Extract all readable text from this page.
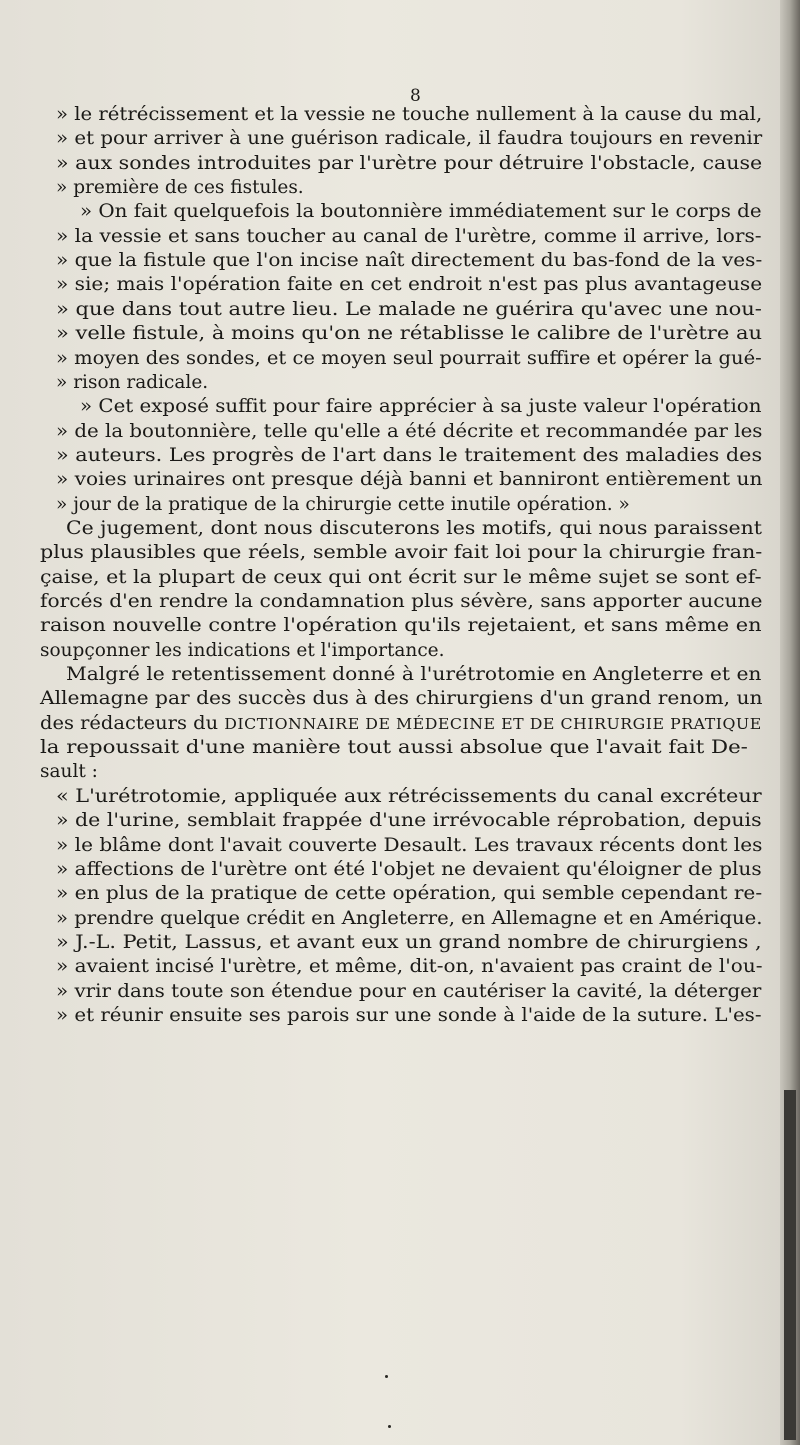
8
» le rétrécissement et la vessie ne touche nullement à la cause du mal,
» et pour arriver à une guérison radicale, il faudra toujours en revenir
» aux sondes introduites par l'urètre pour détruire l'obstacle, cause
» première de ces fistules.
» On fait quelquefois la boutonnière immédiatement sur le corps de
» la vessie et sans toucher au canal de l'urètre, comme il arrive, lors-
» que la fistule que l'on incise naît directement du bas-fond de la ves-
» sie; mais l'opération faite en cet endroit n'est pas plus avantageuse
» que dans tout autre lieu. Le malade ne guérira qu'avec une nou-
» velle fistule, à moins qu'on ne rétablisse le calibre de l'urètre au
» moyen des sondes, et ce moyen seul pourrait suffire et opérer la gué-
» rison radicale.
» Cet exposé suffit pour faire apprécier à sa juste valeur l'opération
» de la boutonnière, telle qu'elle a été décrite et recommandée par les
» auteurs. Les progrès de l'art dans le traitement des maladies des
» voies urinaires ont presque déjà banni et banniront entièrement un
» jour de la pratique de la chirurgie cette inutile opération. »
Ce jugement, dont nous discuterons les motifs, qui nous paraissent
plus plausibles que réels, semble avoir fait loi pour la chirurgie fran-
çaise, et la plupart de ceux qui ont écrit sur le même sujet se sont ef-
forcés d'en rendre la condamnation plus sévère, sans apporter aucune
raison nouvelle contre l'opération qu'ils rejetaient, et sans même en
soupçonner les indications et l'importance.
Malgré le retentissement donné à l'urétrotomie en Angleterre et en
Allemagne par des succès dus à des chirurgiens d'un grand renom, un
des rédacteurs du DICTIONNAIRE DE MÉDECINE ET DE CHIRURGIE PRATIQUE
la repoussait d'une manière tout aussi absolue que l'avait fait De-
sault :
« L'urétrotomie, appliquée aux rétrécissements du canal excréteur
» de l'urine, semblait frappée d'une irrévocable réprobation, depuis
» le blâme dont l'avait couverte Desault. Les travaux récents dont les
» affections de l'urètre ont été l'objet ne devaient qu'éloigner de plus
» en plus de la pratique de cette opération, qui semble cependant re-
» prendre quelque crédit en Angleterre, en Allemagne et en Amérique.
» J.-L. Petit, Lassus, et avant eux un grand nombre de chirurgiens ,
» avaient incisé l'urètre, et même, dit-on, n'avaient pas craint de l'ou-
» vrir dans toute son étendue pour en cautériser la cavité, la déterger
» et réunir ensuite ses parois sur une sonde à l'aide de la suture. L'es-
